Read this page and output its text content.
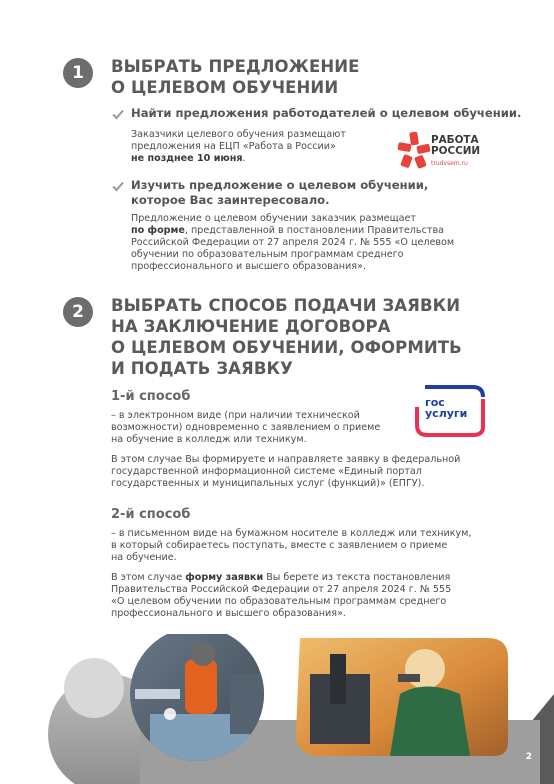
1	ВЫБРАТЬ ПРЕДЛОЖЕНИЕ
О ЦЕЛЕВОМ ОБУЧЕНИИ
Найти предложения работодателей о целевом обучении.
Заказчики целевого обучения размещают
предложения на ЕЦП «Работа в России»
не позднее 10 июня.
РАБОТА
РОССИИ
trudvsem.ru
Изучить предложение о целевом обучении,
которое Вас заинтересовало.
Предложение о целевом обучении заказчик размещает
по форме, представленной в постановлении Правительства
Российской Федерации от 27 апреля 2024 г. № 555 «О целевом
обучении по образовательным программам среднего
профессионального и высшего образования».
2	ВЫБРАТЬ СПОСОБ ПОДАЧИ ЗАЯВКИ
НА ЗАКЛЮЧЕНИЕ ДОГОВОРА
О ЦЕЛЕВОМ ОБУЧЕНИИ, ОФОРМИТЬ
И ПОДАТЬ ЗАЯВКУ
1-й способ
– в электронном виде (при наличии технической
возможности) одновременно с заявлением о приеме
на обучение в колледж или техникум.
гос
услуги
В этом случае Вы формируете и направляете заявку в федеральной
государственной информационной системе «Единый портал
государственных и муниципальных услуг (функций)» (ЕПГУ).
2-й способ
– в письменном виде на бумажном носителе в колледж или техникум,
в который собираетесь поступать, вместе с заявлением о приеме
на обучение.
В этом случае форму заявки Вы берете из текста постановления
Правительства Российской Федерации от 27 апреля 2024 г. № 555
«О целевом обучении по образовательным программам среднего
профессионального и высшего образования».
2
